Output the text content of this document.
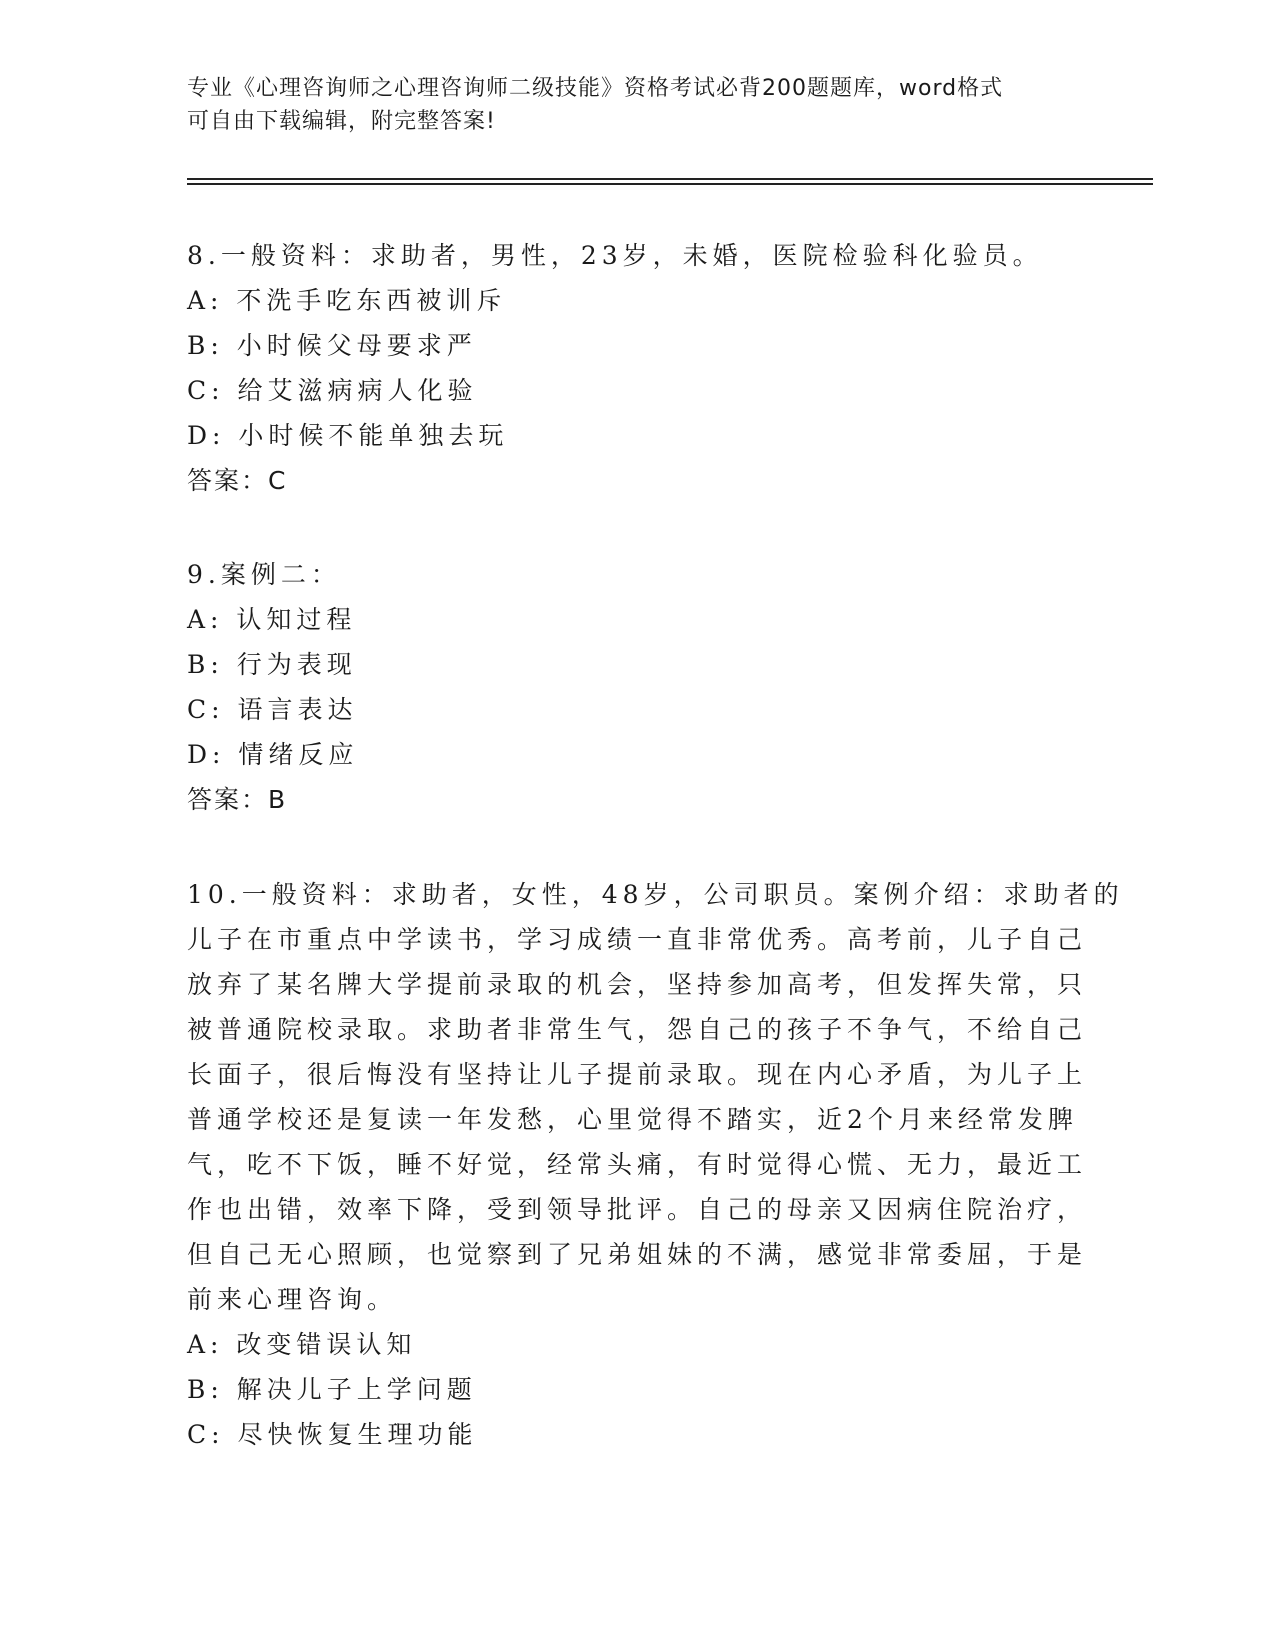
专业《心理咨询师之心理咨询师二级技能》资格考试必背200题题库，word格式
可自由下载编辑，附完整答案!
8.一般资料：求助者，男性，23岁，未婚，医院检验科化验员。
A: 不洗手吃东西被训斥
B: 小时候父母要求严
C: 给艾滋病病人化验
D: 小时候不能单独去玩
答案：C
9.案例二：
A: 认知过程
B: 行为表现
C: 语言表达
D: 情绪反应
答案：B
10.一般资料：求助者，女性，48岁，公司职员。案例介绍：求助者的
儿子在市重点中学读书，学习成绩一直非常优秀。高考前，儿子自己
放弃了某名牌大学提前录取的机会，坚持参加高考，但发挥失常，只
被普通院校录取。求助者非常生气，怨自己的孩子不争气，不给自己
长面子，很后悔没有坚持让儿子提前录取。现在内心矛盾，为儿子上
普通学校还是复读一年发愁，心里觉得不踏实，近2个月来经常发脾
气，吃不下饭，睡不好觉，经常头痛，有时觉得心慌、无力，最近工
作也出错，效率下降，受到领导批评。自己的母亲又因病住院治疗，
但自己无心照顾，也觉察到了兄弟姐妹的不满，感觉非常委屈，于是
前来心理咨询。
A: 改变错误认知
B: 解决儿子上学问题
C: 尽快恢复生理功能
